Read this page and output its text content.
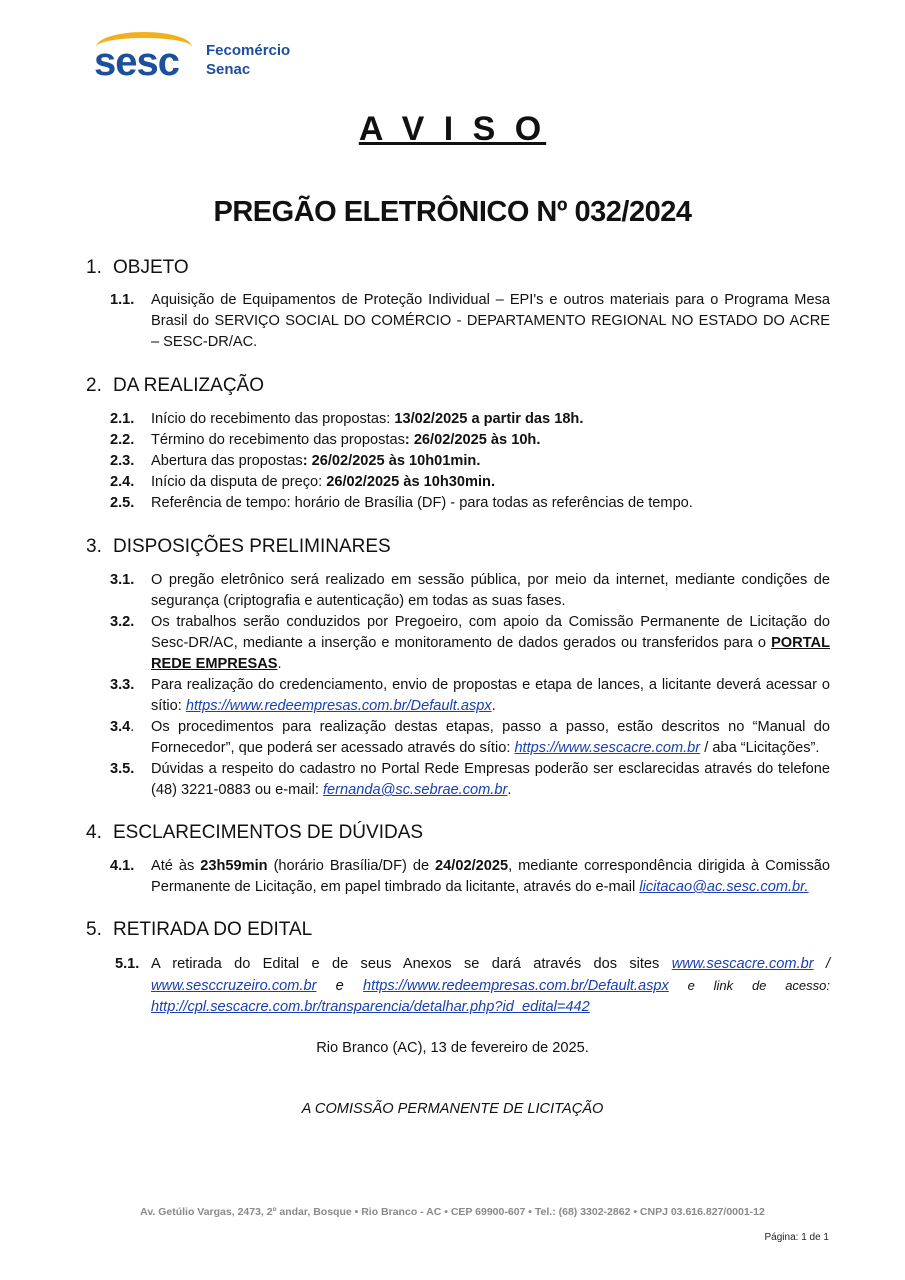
sesc Fecomércio
Senac
A V I S O
PREGÃO ELETRÔNICO Nº 032/2024
1. OBJETO
1.1. Aquisição de Equipamentos de Proteção Individual – EPI's e outros materiais para o Programa Mesa
Brasil do SERVIÇO SOCIAL DO COMÉRCIO - DEPARTAMENTO REGIONAL NO ESTADO DO ACRE
– SESC-DR/AC.
2. DA REALIZAÇÃO
2.1. Início do recebimento das propostas: 13/02/2025 a partir das 18h.
2.2. Término do recebimento das propostas: 26/02/2025 às 10h.
2.3. Abertura das propostas: 26/02/2025 às 10h01min.
2.4. Início da disputa de preço: 26/02/2025 às 10h30min.
2.5. Referência de tempo: horário de Brasília (DF) - para todas as referências de tempo.
3. DISPOSIÇÕES PRELIMINARES
3.1. O pregão eletrônico será realizado em sessão pública, por meio da internet, mediante condições de
segurança (criptografia e autenticação) em todas as suas fases.
3.2. Os trabalhos serão conduzidos por Pregoeiro, com apoio da Comissão Permanente de Licitação do
Sesc-DR/AC, mediante a inserção e monitoramento de dados gerados ou transferidos para o PORTAL
REDE EMPRESAS.
3.3. Para realização do credenciamento, envio de propostas e etapa de lances, a licitante deverá acessar o
sítio: https://www.redeempresas.com.br/Default.aspx.
3.4. Os procedimentos para realização destas etapas, passo a passo, estão descritos no “Manual do
Fornecedor”, que poderá ser acessado através do sítio: https://www.sescacre.com.br / aba “Licitações”.
3.5. Dúvidas a respeito do cadastro no Portal Rede Empresas poderão ser esclarecidas através do telefone
(48) 3221-0883 ou e-mail: fernanda@sc.sebrae.com.br.
4. ESCLARECIMENTOS DE DÚVIDAS
4.1. Até às 23h59min (horário Brasília/DF) de 24/02/2025, mediante correspondência dirigida à Comissão
Permanente de Licitação, em papel timbrado da licitante, através do e-mail licitacao@ac.sesc.com.br.
5. RETIRADA DO EDITAL
5.1. A retirada do Edital e de seus Anexos se dará através dos sites www.sescacre.com.br /
www.sesccruzeiro.com.br e https://www.redeempresas.com.br/Default.aspx e link de acesso:
http://cpl.sescacre.com.br/transparencia/detalhar.php?id_edital=442
Rio Branco (AC), 13 de fevereiro de 2025.
A COMISSÃO PERMANENTE DE LICITAÇÃO
Av. Getúlio Vargas, 2473, 2º andar, Bosque • Rio Branco - AC • CEP 69900-607 • Tel.: (68) 3302-2862 • CNPJ 03.616.827/0001-12
Página: 1 de 1
